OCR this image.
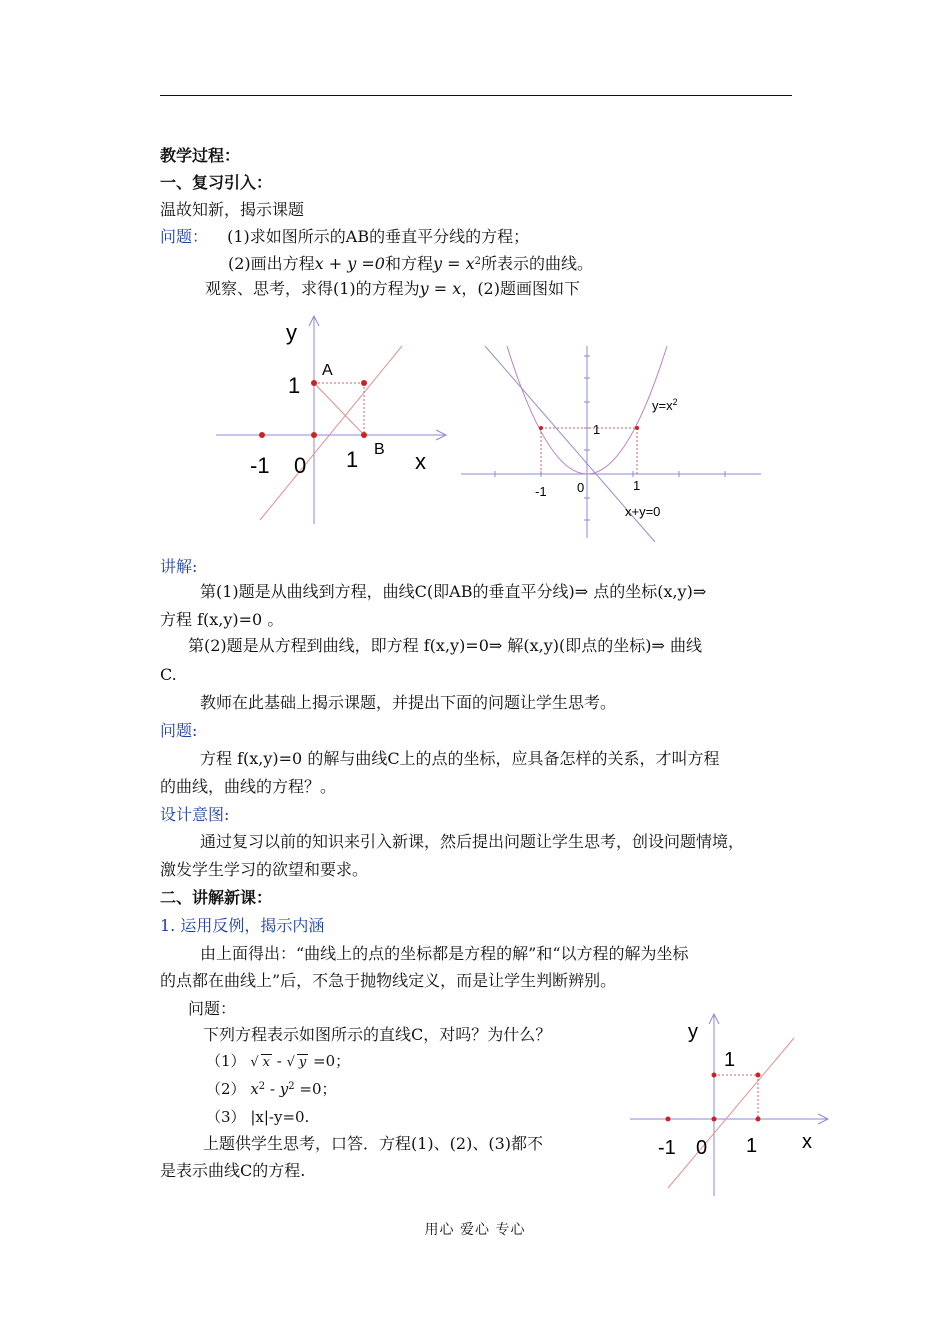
教学过程：
一、复习引入：
温故知新，揭示课题
问题： (1)求如图所示的AB的垂直平分线的方程；
(2)画出方程x + y =0和方程$y = x^2$所表示的曲线。
观察、思考，求得(1)的方程为y = x，(2)题画图如下
y
1
A
B
-1 0 1	x
1
$y=x^2$
-1 0	1
x+y=0
讲解:
第(1)题是从曲线到方程，曲线C(即AB的垂直平分线)⇒ 点的坐标(x,y)⇒
方程 f(x,y)=0 。
第(2)题是从方程到曲线，即方程 f(x,y)=0⇒ 解(x,y)(即点的坐标)⇒ 曲线
C.
教师在此基础上揭示课题，并提出下面的问题让学生思考。
问题:
方程 f(x,y)=0 的解与曲线C上的点的坐标，应具备怎样的关系，才叫方程
的曲线，曲线的方程？。
设计意图:
通过复习以前的知识来引入新课，然后提出问题让学生思考，创设问题情境，
激发学生学习的欲望和要求。
二、讲解新课：
1. 运用反例，揭示内涵
由上面得出：“曲线上的点的坐标都是方程的解”和“以方程的解为坐标
的点都在曲线上”后，不急于抛物线定义，而是让学生判断辨别。
问题：
下列方程表示如图所示的直线C，对吗？为什么？
（1） √ x - √ y =0；
（2） $x^2 - y^2 =0$；
（3） |x|-y=0.
上题供学生思考，口答．方程(1)、(2)、(3)都不
是表示曲线C的方程.
y
1
-1 0 1 x
用心 爱心 专心
